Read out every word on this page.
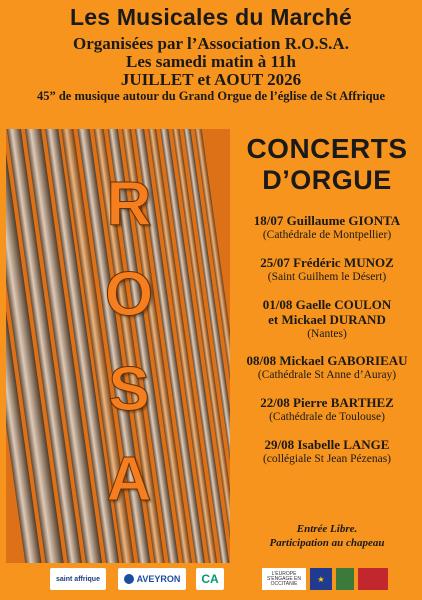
Les Musicales du Marché
Organisées par l’Association R.O.S.A.
Les samedi matin à 11h
JUILLET et AOUT 2026
45” de musique autour du Grand Orgue de l’église de St Affrique
R
O
S
A
CONCERTS
D’ORGUE
18/07 Guillaume GIONTA
(Cathédrale de Montpellier)
25/07 Frédéric MUNOZ
(Saint Guilhem le Désert)
01/08 Gaelle COULON
et Mickael DURAND
(Nantes)
08/08 Mickael GABORIEAU
(Cathédrale St Anne d’Auray)
22/08 Pierre BARTHEZ
(Cathédrale de Toulouse)
29/08 Isabelle LANGE
(collégiale St Jean Pézenas)
Entrée Libre.
Participation au chapeau
saint affrique	AVEYRON CA	L'EUROPE S'ENGAGE EN OCCITANIE	★
